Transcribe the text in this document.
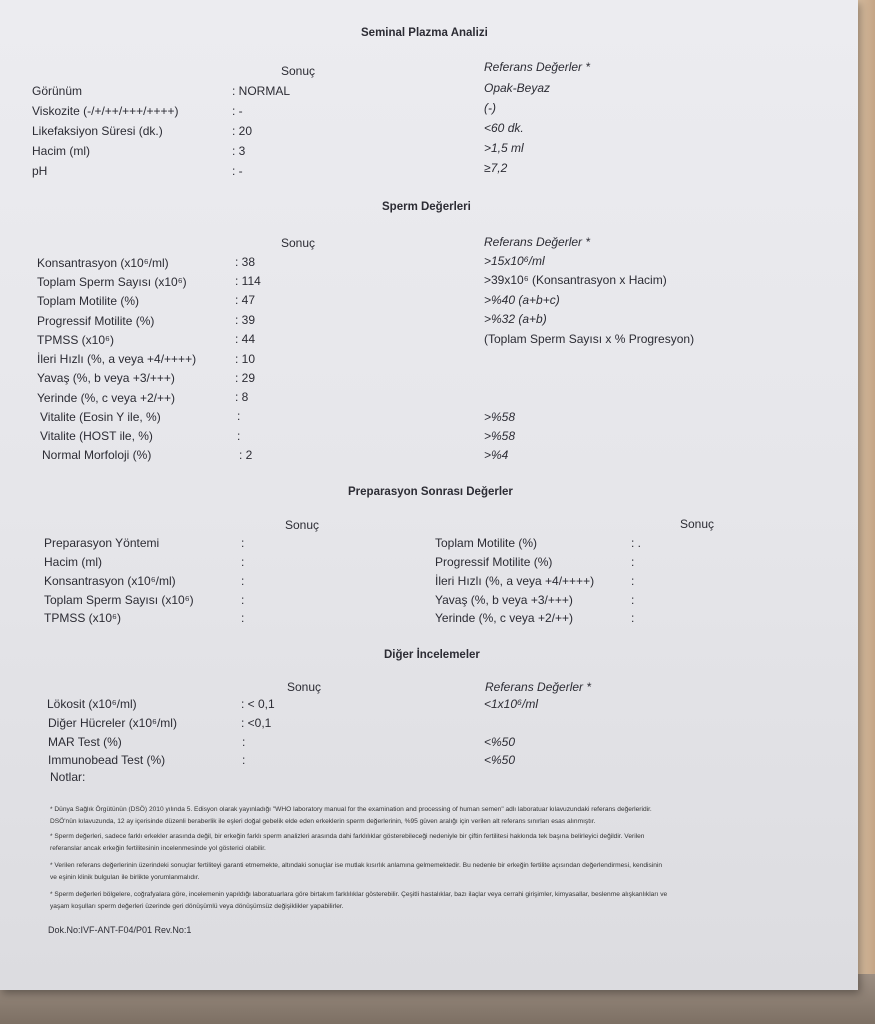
Seminal Plazma Analizi
Sonuç	Referans Değerler *
Görünüm	: NORMAL	Opak-Beyaz
Viskozite (-/+/++/+++/++++)	: -	(-)
Likefaksiyon Süresi (dk.)	: 20	<60 dk.
Hacim (ml)	: 3	>1,5 ml
pH	: -	≥7,2
Sperm Değerleri
Sonuç	Referans Değerler *
Konsantrasyon (x10⁶/ml)	: 38	>15x10⁶/ml
Toplam Sperm Sayısı (x10⁶)	: 114	>39x10⁶ (Konsantrasyon x Hacim)
Toplam Motilite (%)	: 47	>%40 (a+b+c)
Progressif Motilite (%)	: 39	>%32 (a+b)
TPMSS (x10⁶)	: 44	(Toplam Sperm Sayısı x % Progresyon)
İleri Hızlı (%, a veya +4/++++)	: 10
Yavaş (%, b veya +3/+++)	: 29
Yerinde (%, c veya +2/++)	: 8
Vitalite (Eosin Y ile, %)	:	>%58
Vitalite (HOST ile, %)	:	>%58
Normal Morfoloji (%)	: 2	>%4
Preparasyon Sonrası Değerler
Sonuç	Sonuç
Preparasyon Yöntemi	:	Toplam Motilite (%)	: .
Hacim (ml)	:	Progressif Motilite (%)	:
Konsantrasyon (x10⁶/ml)	:	İleri Hızlı (%, a veya +4/++++)	:
Toplam Sperm Sayısı (x10⁶)	:	Yavaş (%, b veya +3/+++)	:
TPMSS (x10⁶)	:	Yerinde (%, c veya +2/++)	:
Diğer İncelemeler
Sonuç	Referans Değerler *
Lökosit (x10⁶/ml)	: < 0,1	<1x10⁶/ml
Diğer Hücreler (x10⁶/ml)	: <0,1
MAR Test (%)	:	<%50
Immunobead Test (%)	:	<%50
Notlar:
* Dünya Sağlık Örgütünün (DSÖ) 2010 yılında 5. Edisyon olarak yayınladığı "WHO laboratory manual for the examination and processing of human semen" adlı laboratuar kılavuzundaki referans değerleridir.
DSÖ'nün kılavuzunda, 12 ay içerisinde düzenli beraberlik ile eşleri doğal gebelik elde eden erkeklerin sperm değerlerinin, %95 güven aralığı için verilen alt referans sınırları esas alınmıştır.
* Sperm değerleri, sadece farklı erkekler arasında değil, bir erkeğin farklı sperm analizleri arasında dahi farklılıklar gösterebileceği nedeniyle bir çiftin fertilitesi hakkında tek başına belirleyici değildir. Verilen
referanslar ancak erkeğin fertilitesinin incelenmesinde yol gösterici olabilir.
* Verilen referans değerlerinin üzerindeki sonuçlar fertiliteyi garanti etmemekte, altındaki sonuçlar ise mutlak kısırlık anlamına gelmemektedir. Bu nedenle bir erkeğin fertilite açısından değerlendirmesi, kendisinin
ve eşinin klinik bulguları ile birlikte yorumlanmalıdır.
* Sperm değerleri bölgelere, coğrafyalara göre, incelemenin yapıldığı laboratuarlara göre birtakım farklılıklar gösterebilir. Çeşitli hastalıklar, bazı ilaçlar veya cerrahi girişimler, kimyasallar, beslenme alışkanlıkları ve
yaşam koşulları sperm değerleri üzerinde geri dönüşümlü veya dönüşümsüz değişiklikler yapabilirler.
Dok.No:IVF-ANT-F04/P01 Rev.No:1
